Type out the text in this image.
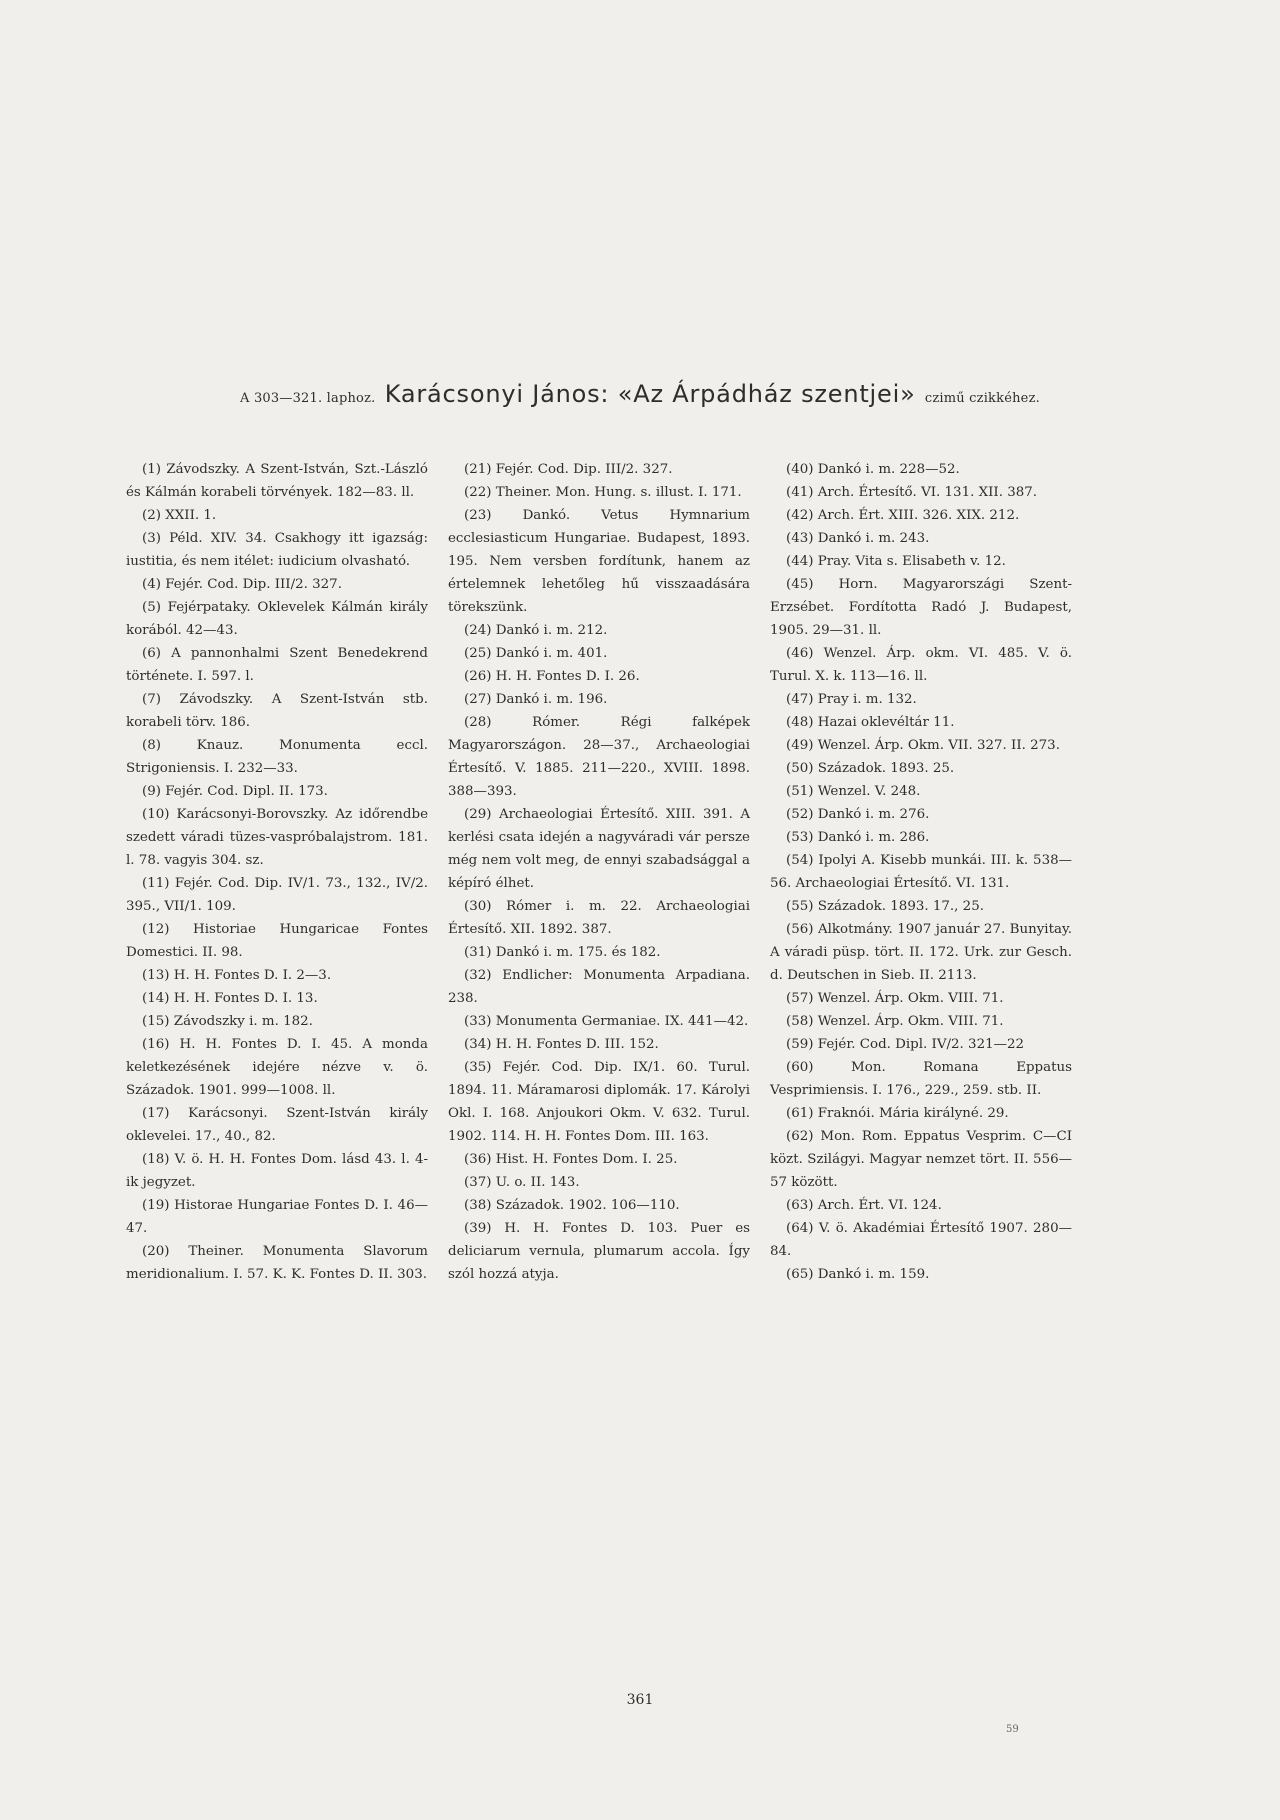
A 303—321. laphoz. Karácsonyi János: «Az Árpádház szentjei» czimű czikkéhez.

(1) Závodszky. A Szent-István, Szt.-László és Kálmán korabeli törvények. 182—83. ll.

(2) XXII. 1.

(3) Péld. XIV. 34. Csakhogy itt igazság: iustitia, és nem itélet: iudicium olvasható.

(4) Fejér. Cod. Dip. III/2. 327.

(5) Fejérpataky. Oklevelek Kálmán király korából. 42—43.

(6) A pannonhalmi Szent Benedekrend története. I. 597. l.

(7) Závodszky. A Szent-István stb. korabeli törv. 186.

(8)	Knauz. Monumenta eccl. Strigoniensis. I. 232—33.

(9) Fejér. Cod. Dipl. II. 173.

(10) Karácsonyi-Borovszky. Az időrendbe szedett váradi tüzes-vaspróbalajstrom. 181. l. 78. vagyis 304. sz.

(11) Fejér. Cod. Dip. IV/1. 73., 132., IV/2. 395., VII/1. 109.

(12) Historiae Hungaricae Fontes Domestici. II. 98.

(13) H. H. Fontes D. I. 2—3.

(14) H. H. Fontes D. I. 13.

(15) Závodszky i. m. 182.

(16) H. H. Fontes D. I. 45. A monda keletkezésének idejére nézve v. ö. Századok. 1901. 999—1008. ll.

(17) Karácsonyi. Szent-István király oklevelei. 17., 40., 82.

(18) V. ö. H. H. Fontes Dom. lásd 43. l. 4-ik jegyzet.

(19) Historae Hungariae Fontes D. I. 46—47.

(20) Theiner. Monumenta Slavorum meridionalium. I. 57. K. K. Fontes D. II. 303.

(21) Fejér. Cod. Dip. III/2. 327.

(22) Theiner. Mon. Hung. s. illust. I. 171.

(23) Dankó. Vetus Hymnarium ecclesiasticum Hungariae. Budapest, 1893. 195. Nem versben fordítunk, hanem az értelemnek lehetőleg hű visszaadására törekszünk.

(24) Dankó i. m. 212.

(25) Dankó i. m. 401.

(26) H. H. Fontes D. I. 26.

(27) Dankó i. m. 196.

(28)	Rómer. Régi falképek Magyarországon. 28—37., Archaeologiai Értesítő. V. 1885. 211—220., XVIII. 1898. 388—393.

(29) Archaeologiai Értesítő. XIII. 391. A kerlési csata idején a nagyváradi vár persze még nem volt meg, de ennyi szabadsággal a képíró élhet.

(30) Rómer i. m. 22. Archaeologiai Értesítő. XII. 1892. 387.

(31) Dankó i. m. 175. és 182.

(32) Endlicher: Monumenta Arpadiana. 238.

(33) Monumenta Germaniae. IX. 441—42.

(34) H. H. Fontes D. III. 152.

(35) Fejér. Cod. Dip. IX/1. 60. Turul. 1894. 11. Máramarosi diplomák. 17. Károlyi Okl. I. 168. Anjoukori Okm. V. 632. Turul. 1902. 114. H. H. Fontes Dom. III. 163.

(36) Hist. H. Fontes Dom. I. 25.

(37) U. o. II. 143.

(38) Századok. 1902. 106—110.

(39) H. H. Fontes D. 103. Puer es deliciarum vernula, plumarum accola. Így szól hozzá atyja.

(40) Dankó i. m. 228—52.

(41) Arch. Értesítő. VI. 131. XII. 387.

(42) Arch. Ért. XIII. 326. XIX. 212.

(43) Dankó i. m. 243.

(44) Pray. Vita s. Elisabeth v. 12.

(45) Horn. Magyarországi Szent-Erzsébet. Fordította Radó J. Budapest, 1905. 29—31. ll.

(46) Wenzel. Árp. okm. VI. 485. V. ö. Turul. X. k. 113—16. ll.

(47) Pray i. m. 132.

(48) Hazai oklevéltár 11.

(49) Wenzel. Árp. Okm. VII. 327. II. 273.

(50) Századok. 1893. 25.

(51) Wenzel. V. 248.

(52) Dankó i. m. 276.

(53) Dankó i. m. 286.

(54) Ipolyi A. Kisebb munkái. III. k. 538—56. Archaeologiai Értesítő. VI. 131.

(55) Századok. 1893. 17., 25.

(56) Alkotmány. 1907 január 27. Bunyitay. A váradi püsp. tört. II. 172. Urk. zur Gesch. d. Deutschen in Sieb. II. 2113.

(57) Wenzel. Árp. Okm. VIII. 71.

(58) Wenzel. Árp. Okm. VIII. 71.

(59) Fejér. Cod. Dipl. IV/2. 321—22

(60)	Mon. Romana Eppatus Vesprimiensis. I. 176., 229., 259. stb. II.

(61) Fraknói. Mária királyné. 29.

(62) Mon. Rom. Eppatus Vesprim. C—CI közt. Szilágyi. Magyar nemzet tört. II. 556—57 között.

(63) Arch. Ért. VI. 124.

(64) V. ö. Akadémiai Értesítő 1907. 280—84.

(65) Dankó i. m. 159.

361
59
